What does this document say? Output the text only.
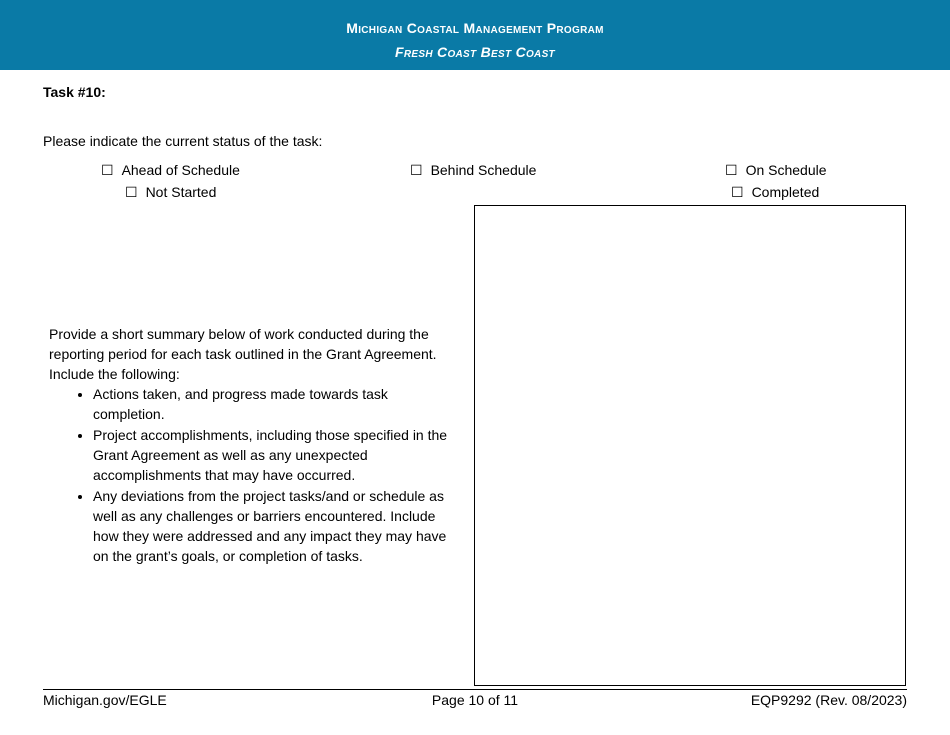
Michigan Coastal Management Program
Fresh Coast Best Coast
Task #10:
Please indicate the current status of the task:
☐ Ahead of Schedule	☐ Behind Schedule	☐ On Schedule
☐ Not Started	☐ Completed

Provide a short summary below of work conducted during the reporting period for each task outlined in the Grant Agreement. Include the following:

• Actions taken, and progress made towards task completion.
• Project accomplishments, including those specified in the Grant Agreement as well as any unexpected accomplishments that may have occurred.
• Any deviations from the project tasks/and or schedule as well as any challenges or barriers encountered. Include how they were addressed and any impact they may have on the grant’s goals, or completion of tasks.
Michigan.gov/EGLE	Page 10 of 11	EQP9292 (Rev. 08/2023)
